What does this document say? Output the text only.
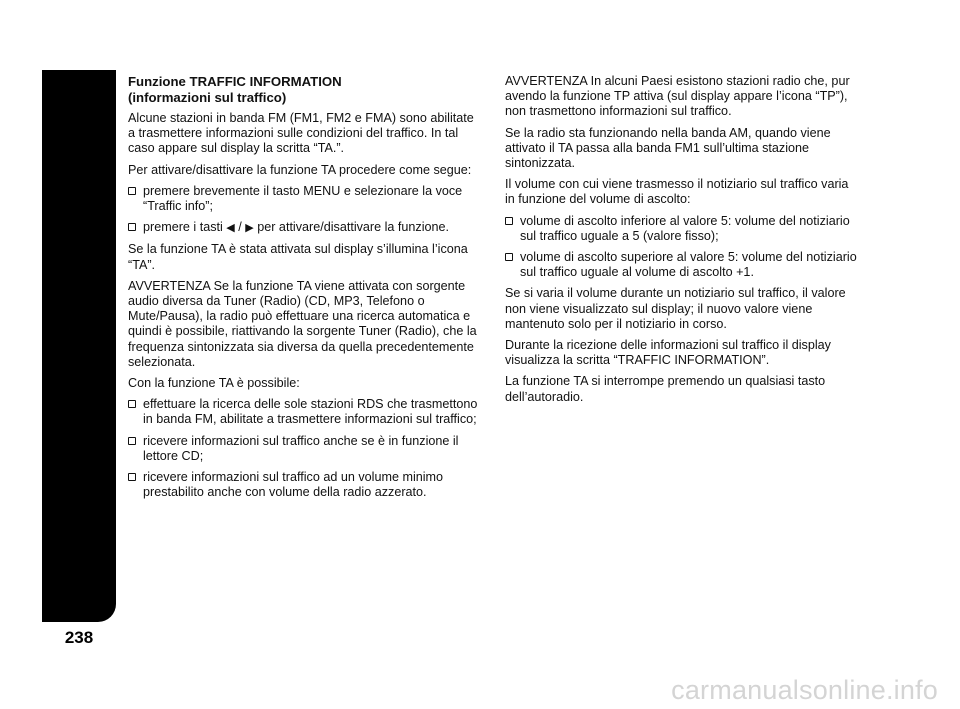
AUTORADIO
238
Funzione TRAFFIC INFORMATION
(informazioni sul traffico)

Alcune stazioni in banda FM (FM1, FM2 e FMA) sono abilitate a trasmettere informazioni sulle condizioni del traffico. In tal caso appare sul display la scritta “TA.”.

Per attivare/disattivare la funzione TA procedere come segue:

premere brevemente il tasto MENU e selezionare la voce “Traffic info”;
premere i tasti ◀ / ▶ per attivare/disattivare la funzione.

Se la funzione TA è stata attivata sul display s’illumina l’icona “TA”.

AVVERTENZA Se la funzione TA viene attivata con sorgente audio diversa da Tuner (Radio) (CD, MP3, Telefono o Mute/Pausa), la radio può effettuare una ricerca automatica e quindi è possibile, riattivando la sorgente Tuner (Radio), che la frequenza sintonizzata sia diversa da quella precedentemente selezionata.

Con la funzione TA è possibile:

effettuare la ricerca delle sole stazioni RDS che trasmettono in banda FM, abilitate a trasmettere informazioni sul traffico;
ricevere informazioni sul traffico anche se è in funzione il lettore CD;
ricevere informazioni sul traffico ad un volume minimo prestabilito anche con volume della radio azzerato.

AVVERTENZA In alcuni Paesi esistono stazioni radio che, pur avendo la funzione TP attiva (sul display appare l’icona “TP”), non trasmettono informazioni sul traffico.

Se la radio sta funzionando nella banda AM, quando viene attivato il TA passa alla banda FM1 sull’ultima stazione sintonizzata.

Il volume con cui viene trasmesso il notiziario sul traffico varia in funzione del volume di ascolto:

volume di ascolto inferiore al valore 5: volume del notiziario sul traffico uguale a 5 (valore fisso);
volume di ascolto superiore al valore 5: volume del notiziario sul traffico uguale al volume di ascolto +1.

Se si varia il volume durante un notiziario sul traffico, il valore non viene visualizzato sul display; il nuovo valore viene mantenuto solo per il notiziario in corso.

Durante la ricezione delle informazioni sul traffico il display visualizza la scritta “TRAFFIC INFORMATION”.

La funzione TA si interrompe premendo un qualsiasi tasto dell’autoradio.

carmanualsonline.info
